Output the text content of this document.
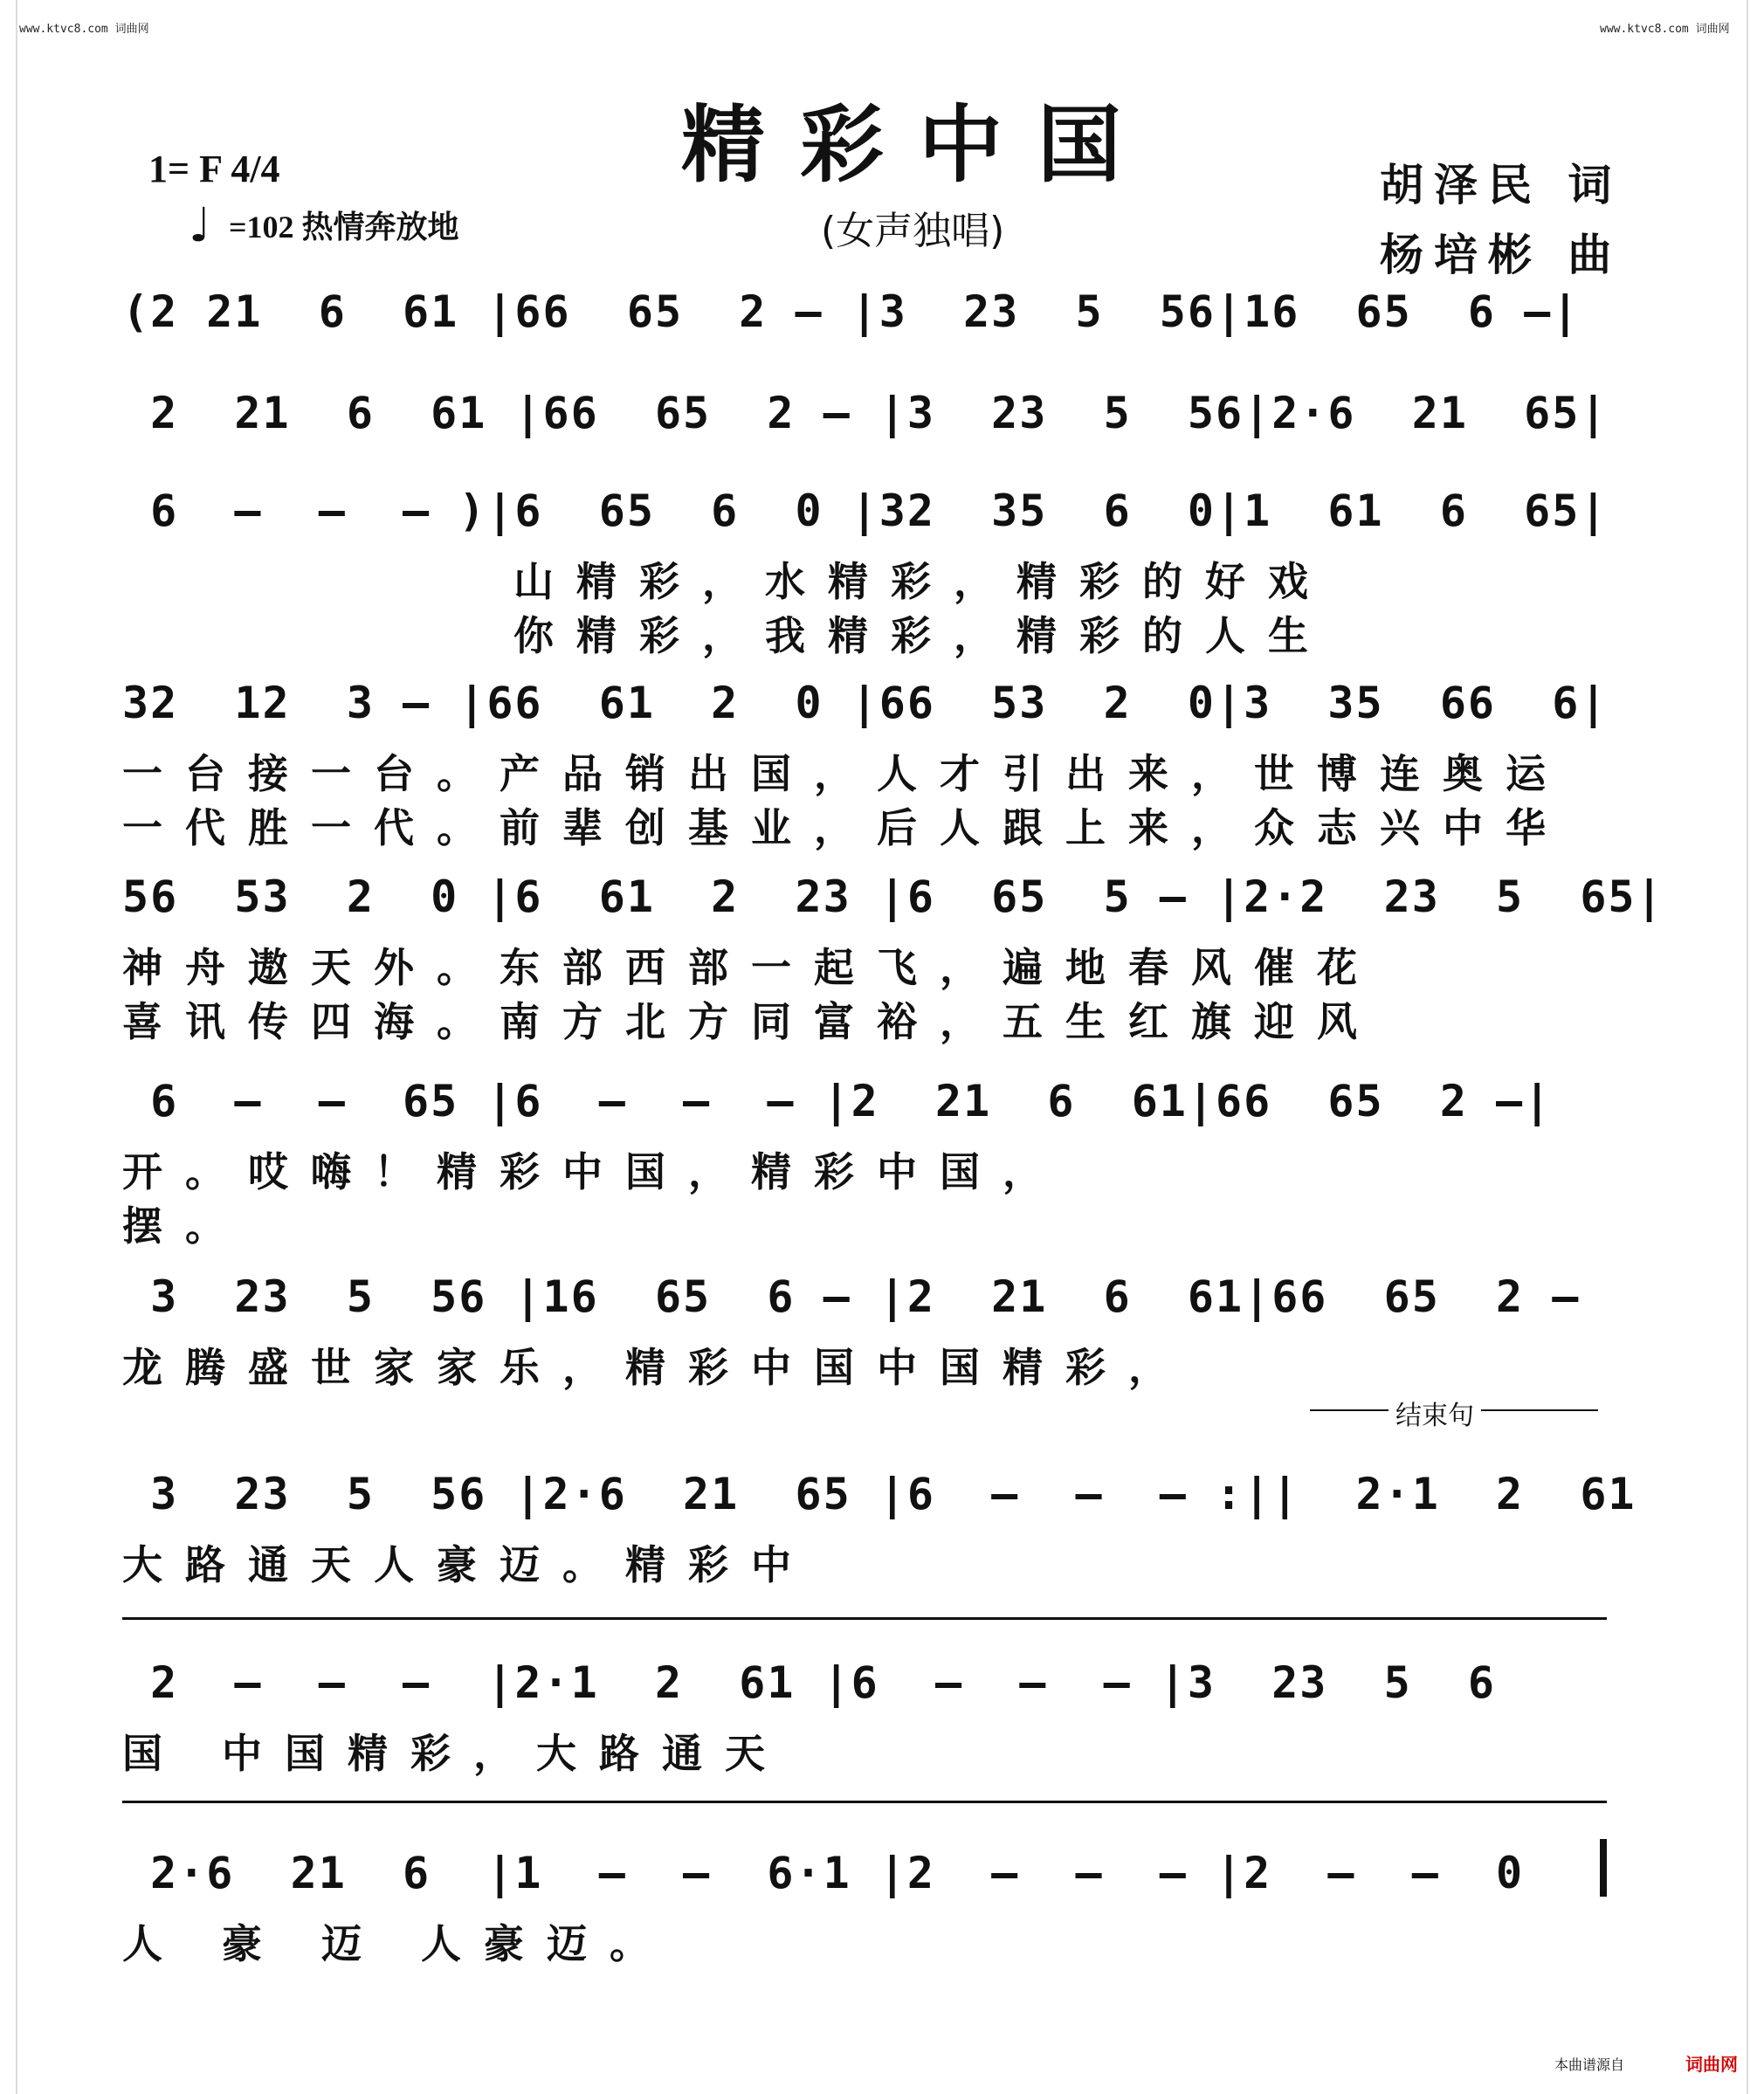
www.ktvc8.com 词曲网	www.ktvc8.com 词曲网
精彩中国
(女声独唱)
1= F 4/4
♩ =102 热情奔放地
胡泽民 词
杨培彬 曲
(2 21  6  61 |66  65  2 — |3  23  5  56|16  65  6 —|
2  21  6  61 |66  65  2 — |3  23  5  56|2·6  21  65|
6  —  —  — )|6  65  6  0 |32  35  6  0|1  61  6  65|
山精彩，水精彩，精彩的好戏
你精彩，我精彩，精彩的人生
32  12  3 — |66  61  2  0 |66  53  2  0|3  35  66  6|
一台接一台。产品销出国，人才引出来，世博连奥运
一代胜一代。前辈创基业，后人跟上来，众志兴中华
56  53  2  0 |6  61  2  23 |6  65  5 — |2·2  23  5  65|
神舟遨天外。东部西部一起飞，遍地春风催花
喜讯传四海。南方北方同富裕，五生红旗迎风
6  —  —  65 |6  —  —  — |2  21  6  61|66  65  2 —|
开。哎嗨！精彩中国，精彩中国，
摆。
3  23  5  56 |16  65  6 — |2  21  6  61|66  65  2 —
龙腾盛世家家乐，精彩中国中国精彩，
结束句
3  23  5  56 |2·6  21  65 |6  —  —  — :||  2·1  2  61
大路通天人豪迈。精彩中
2  —  —  —  |2·1  2  61 |6  —  —  — |3  23  5  6
国 中国精彩，大路通天
2·6  21  6  |1  —  —  6·1 |2  —  —  — |2  —  —  0
人 豪 迈 人豪迈。
本曲谱源自	词曲网
